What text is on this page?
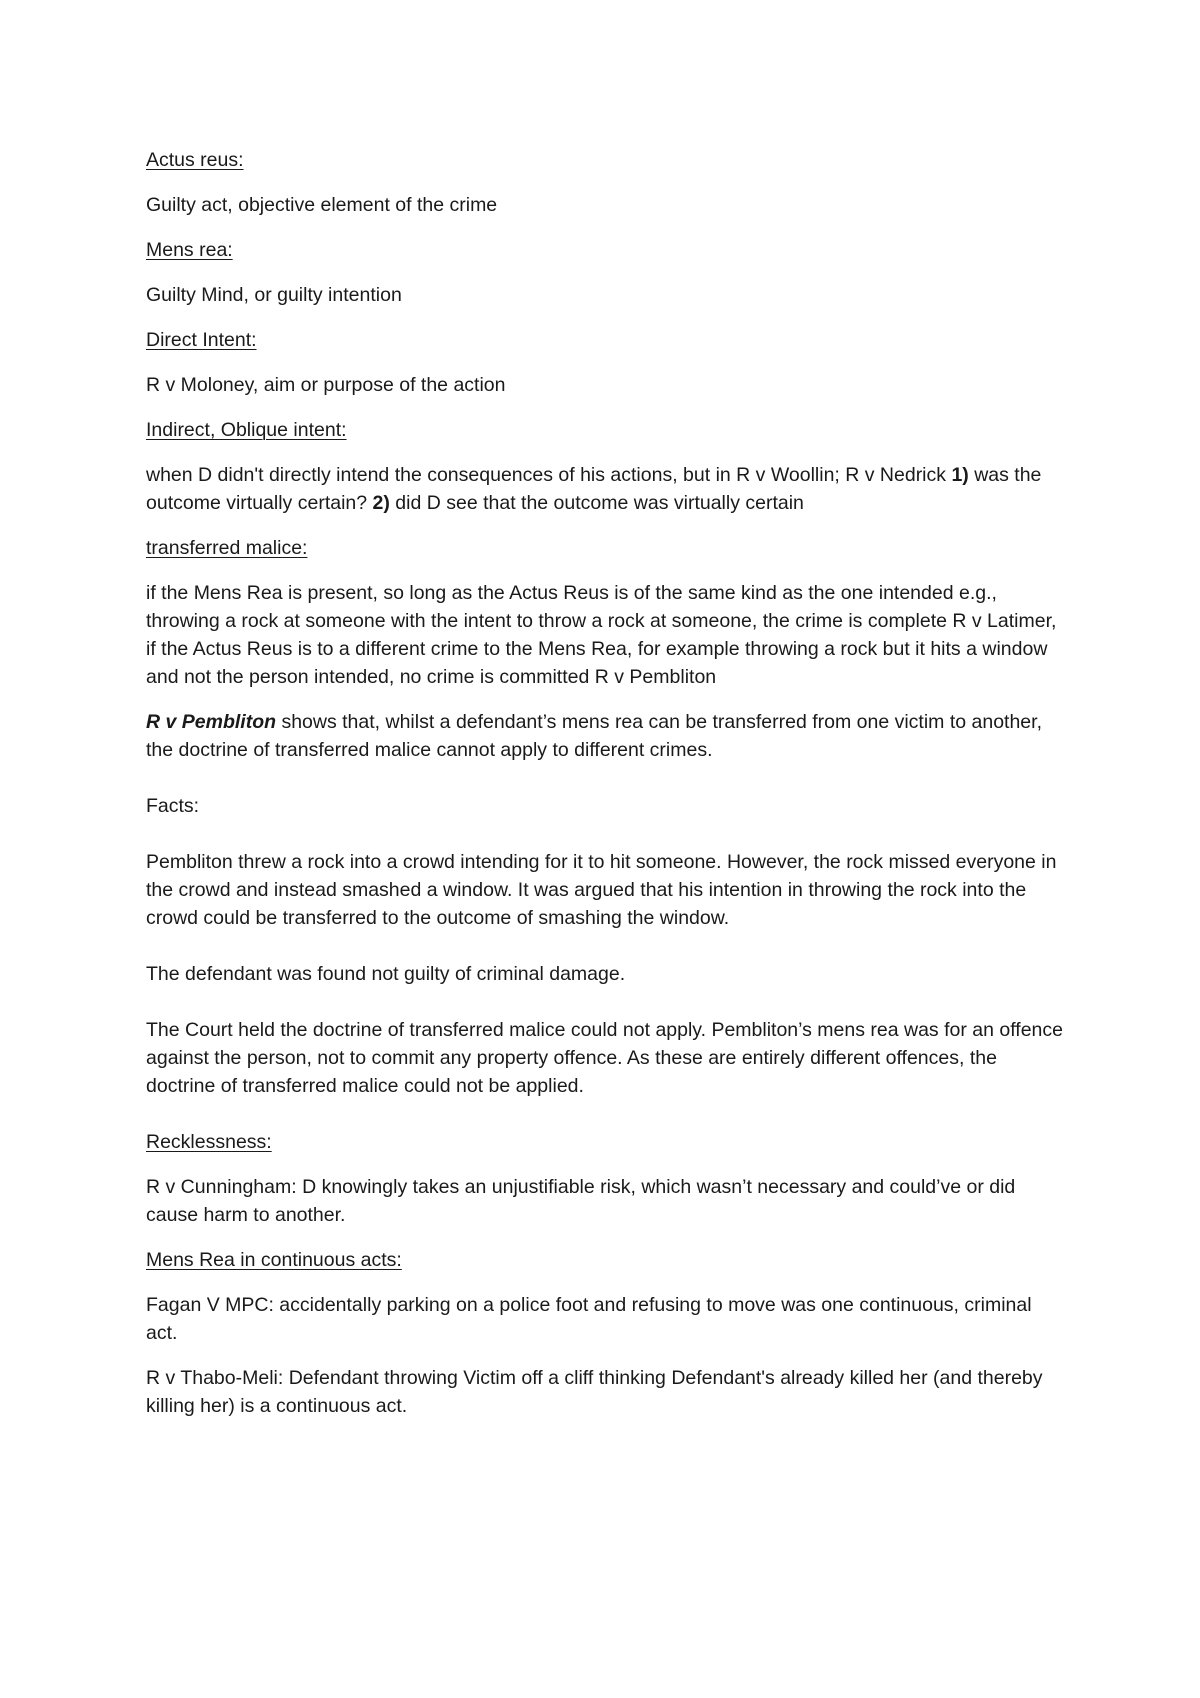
Actus reus:
Guilty act, objective element of the crime
Mens rea:
Guilty Mind, or guilty intention
Direct Intent:
R v Moloney, aim or purpose of the action
Indirect, Oblique intent:
when D didn't directly intend the consequences of his actions, but in R v Woollin; R v Nedrick 1) was the outcome virtually certain? 2) did D see that the outcome was virtually certain
transferred malice:
if the Mens Rea is present, so long as the Actus Reus is of the same kind as the one intended e.g., throwing a rock at someone with the intent to throw a rock at someone, the crime is complete R v Latimer, if the Actus Reus is to a different crime to the Mens Rea, for example throwing a rock but it hits a window and not the person intended, no crime is committed R v Pembliton
R v Pembliton shows that, whilst a defendant’s mens rea can be transferred from one victim to another, the doctrine of transferred malice cannot apply to different crimes.
Facts:
Pembliton threw a rock into a crowd intending for it to hit someone. However, the rock missed everyone in the crowd and instead smashed a window. It was argued that his intention in throwing the rock into the crowd could be transferred to the outcome of smashing the window.
The defendant was found not guilty of criminal damage.
The Court held the doctrine of transferred malice could not apply. Pembliton’s mens rea was for an offence against the person, not to commit any property offence. As these are entirely different offences, the doctrine of transferred malice could not be applied.
Recklessness:
R v Cunningham: D knowingly takes an unjustifiable risk, which wasn’t necessary and could’ve or did cause harm to another.
Mens Rea in continuous acts:
Fagan V MPC: accidentally parking on a police foot and refusing to move was one continuous, criminal act.
R v Thabo-Meli: Defendant throwing Victim off a cliff thinking Defendant's already killed her (and thereby killing her) is a continuous act.
